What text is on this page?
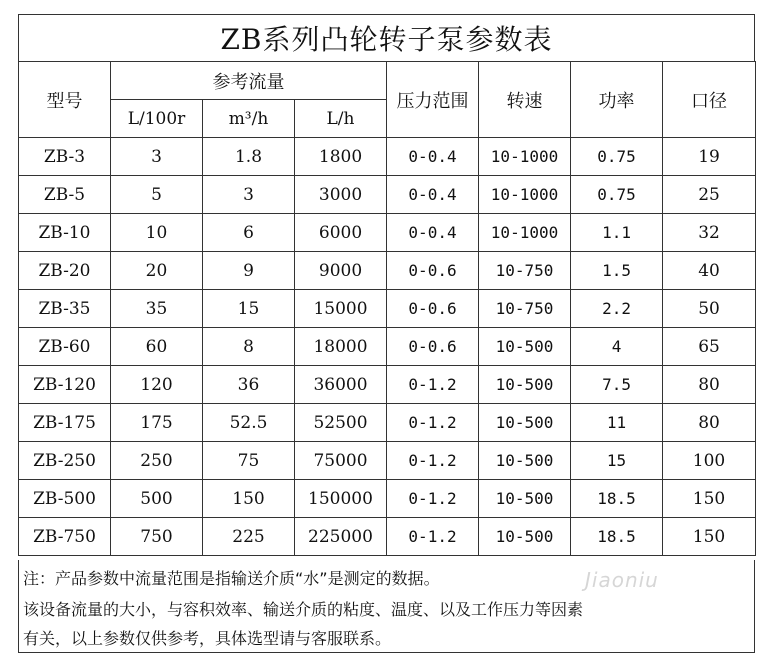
ZB系列凸轮转子泵参数表
型号	参考流量			压力范围	转速	功率	口径
	L/100r	m³/h	L/h				
ZB-3	3	1.8	1800	0-0.4	10-1000	0.75	19
ZB-5	5	3	3000	0-0.4	10-1000	0.75	25
ZB-10	10	6	6000	0-0.4	10-1000	1.1	32
ZB-20	20	9	9000	0-0.6	10-750	1.5	40
ZB-35	35	15	15000	0-0.6	10-750	2.2	50
ZB-60	60	8	18000	0-0.6	10-500	4	65
ZB-120	120	36	36000	0-1.2	10-500	7.5	80
ZB-175	175	52.5	52500	0-1.2	10-500	11	80
ZB-250	250	75	75000	0-1.2	10-500	15	100
ZB-500	500	150	150000	0-1.2	10-500	18.5	150
ZB-750	750	225	225000	0-1.2	10-500	18.5	150
注：产品参数中流量范围是指输送介质“水”是测定的数据。
该设备流量的大小，与容积效率、输送介质的粘度、温度、以及工作压力等因素
有关，以上参数仅供参考，具体选型请与客服联系。
Jiaoniu
